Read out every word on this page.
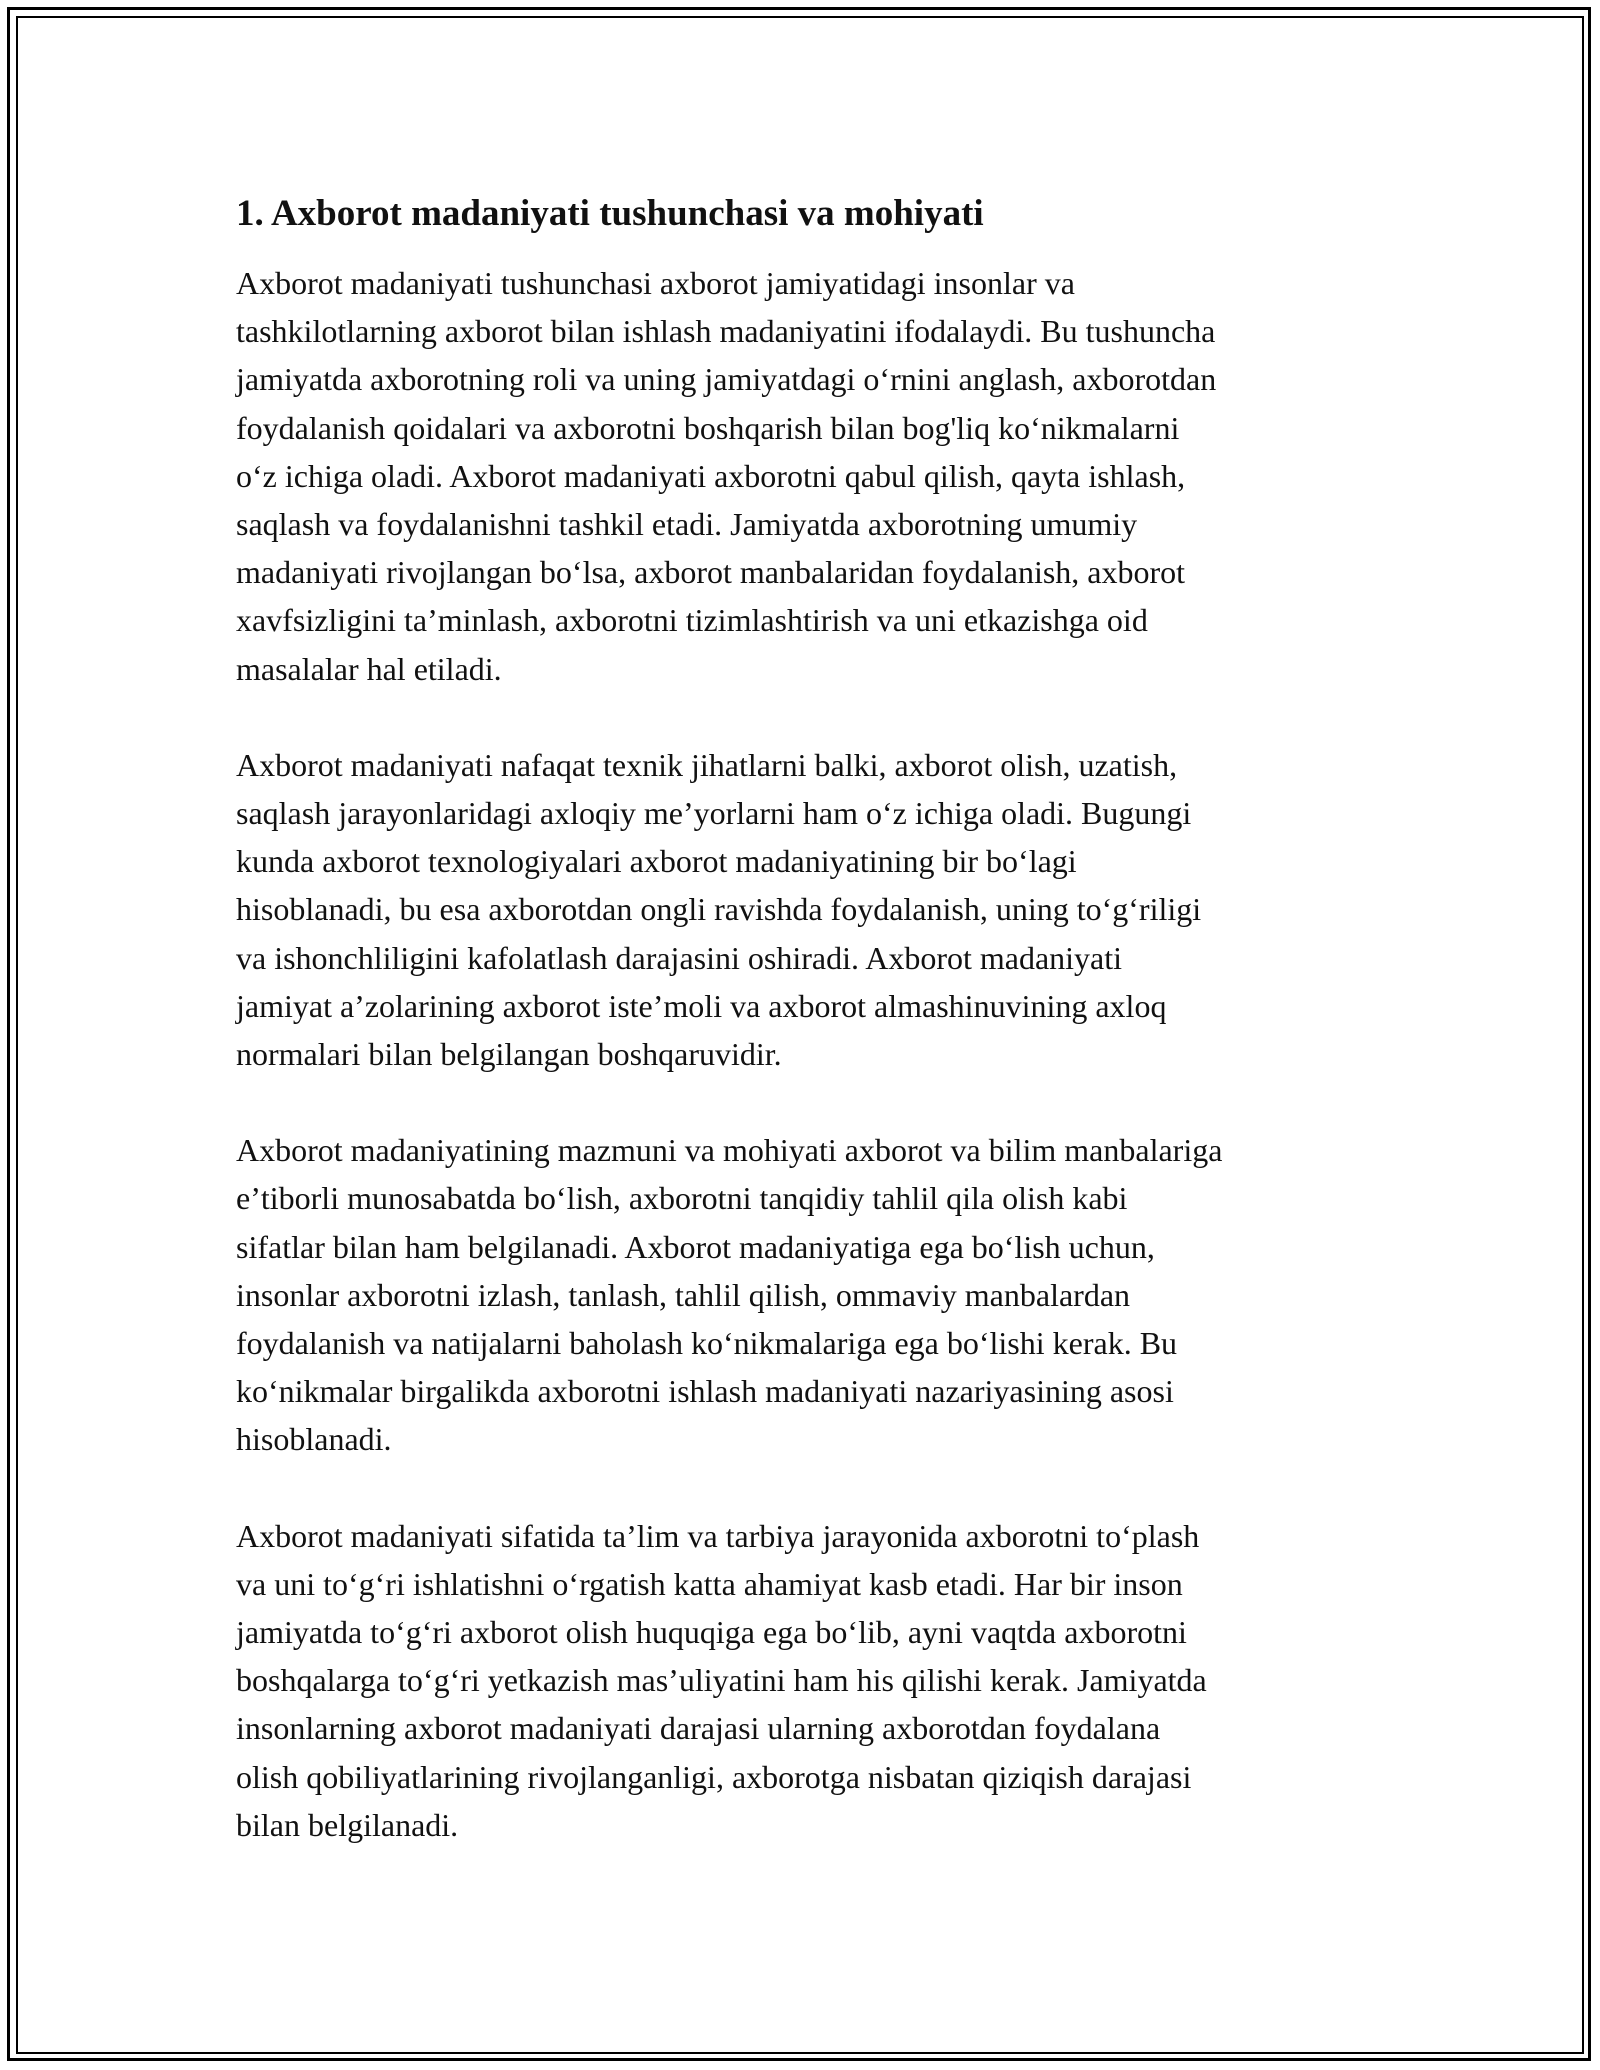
1. Axborot madaniyati tushunchasi va mohiyati

Axborot madaniyati tushunchasi axborot jamiyatidagi insonlar va
tashkilotlarning axborot bilan ishlash madaniyatini ifodalaydi. Bu tushuncha
jamiyatda axborotning roli va uning jamiyatdagi oʻrnini anglash, axborotdan
foydalanish qoidalari va axborotni boshqarish bilan bog'liq koʻnikmalarni
oʻz ichiga oladi. Axborot madaniyati axborotni qabul qilish, qayta ishlash,
saqlash va foydalanishni tashkil etadi. Jamiyatda axborotning umumiy
madaniyati rivojlangan boʻlsa, axborot manbalaridan foydalanish, axborot
xavfsizligini taʼminlash, axborotni tizimlashtirish va uni etkazishga oid
masalalar hal etiladi.

Axborot madaniyati nafaqat texnik jihatlarni balki, axborot olish, uzatish,
saqlash jarayonlaridagi axloqiy meʼyorlarni ham oʻz ichiga oladi. Bugungi
kunda axborot texnologiyalari axborot madaniyatining bir boʻlagi
hisoblanadi, bu esa axborotdan ongli ravishda foydalanish, uning toʻgʻriligi
va ishonchliligini kafolatlash darajasini oshiradi. Axborot madaniyati
jamiyat aʼzolarining axborot isteʼmoli va axborot almashinuvining axloq
normalari bilan belgilangan boshqaruvidir.

Axborot madaniyatining mazmuni va mohiyati axborot va bilim manbalariga
eʼtiborli munosabatda boʻlish, axborotni tanqidiy tahlil qila olish kabi
sifatlar bilan ham belgilanadi. Axborot madaniyatiga ega boʻlish uchun,
insonlar axborotni izlash, tanlash, tahlil qilish, ommaviy manbalardan
foydalanish va natijalarni baholash koʻnikmalariga ega boʻlishi kerak. Bu
koʻnikmalar birgalikda axborotni ishlash madaniyati nazariyasining asosi
hisoblanadi.

Axborot madaniyati sifatida taʼlim va tarbiya jarayonida axborotni toʻplash
va uni toʻgʻri ishlatishni oʻrgatish katta ahamiyat kasb etadi. Har bir inson
jamiyatda toʻgʻri axborot olish huquqiga ega boʻlib, ayni vaqtda axborotni
boshqalarga toʻgʻri yetkazish masʼuliyatini ham his qilishi kerak. Jamiyatda
insonlarning axborot madaniyati darajasi ularning axborotdan foydalana
olish qobiliyatlarining rivojlanganligi, axborotga nisbatan qiziqish darajasi
bilan belgilanadi.
